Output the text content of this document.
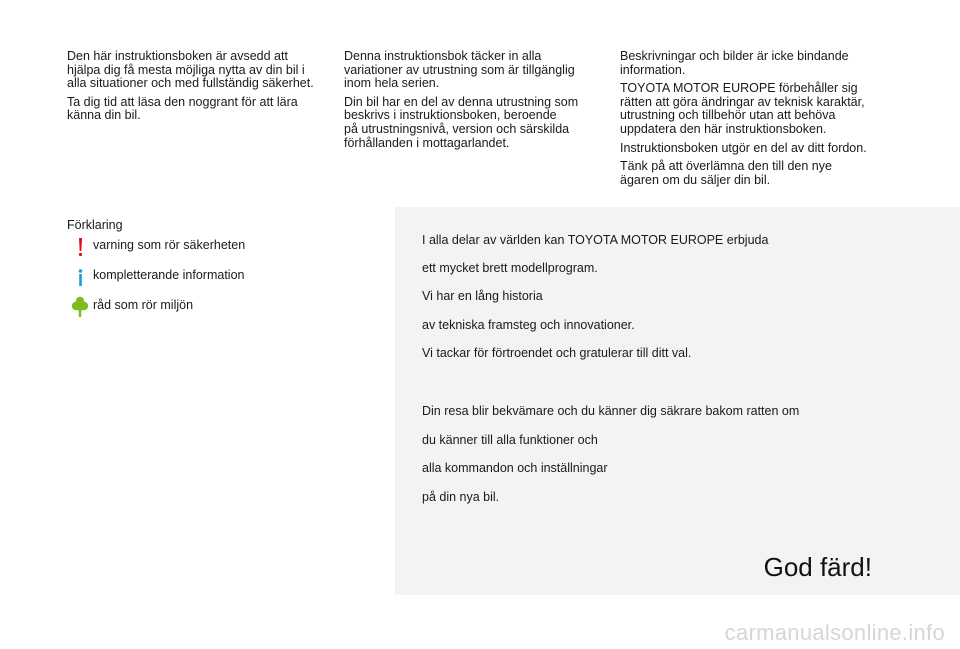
Den här instruktionsboken är avsedd att
hjälpa dig få mesta möjliga nytta av din bil i
alla situationer och med fullständig säkerhet.

Ta dig tid att läsa den noggrant för att lära
känna din bil.

Denna instruktionsbok täcker in alla
variationer av utrustning som är tillgänglig
inom hela serien.

Din bil har en del av denna utrustning som
beskrivs i instruktionsboken, beroende
på utrustningsnivå, version och särskilda
förhållanden i mottagarlandet.

Beskrivningar och bilder är icke bindande
information.

TOYOTA MOTOR EUROPE förbehåller sig
rätten att göra ändringar av teknisk karaktär,
utrustning och tillbehör utan att behöva
uppdatera den här instruktionsboken.

Instruktionsboken utgör en del av ditt fordon.

Tänk på att överlämna den till den nye
ägaren om du säljer din bil.

Förklaring
varning som rör säkerheten
kompletterande information
råd som rör miljön
I alla delar av världen kan TOYOTA MOTOR EUROPE erbjuda
ett mycket brett modellprogram.
Vi har en lång historia
av tekniska framsteg och innovationer.
Vi tackar för förtroendet och gratulerar till ditt val.
Din resa blir bekvämare och du känner dig säkrare bakom ratten om
du känner till alla funktioner och
alla kommandon och inställningar
på din nya bil.
God färd!
carmanualsonline.info
